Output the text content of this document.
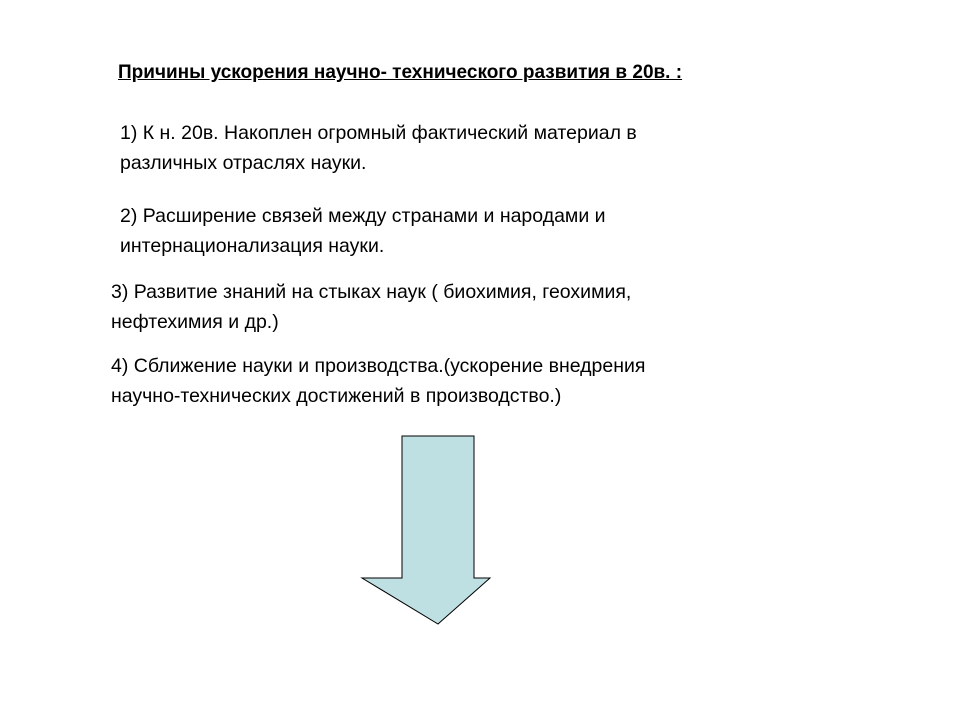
Причины ускорения научно- технического развития в 20в. :
1) К н. 20в. Накоплен огромный фактический материал в
различных отраслях науки.
2) Расширение связей между странами и народами и
интернационализация науки.
3) Развитие знаний на стыках наук ( биохимия, геохимия,
нефтехимия и др.)
4) Сближение науки и производства.(ускорение внедрения
научно-технических достижений в производство.)
